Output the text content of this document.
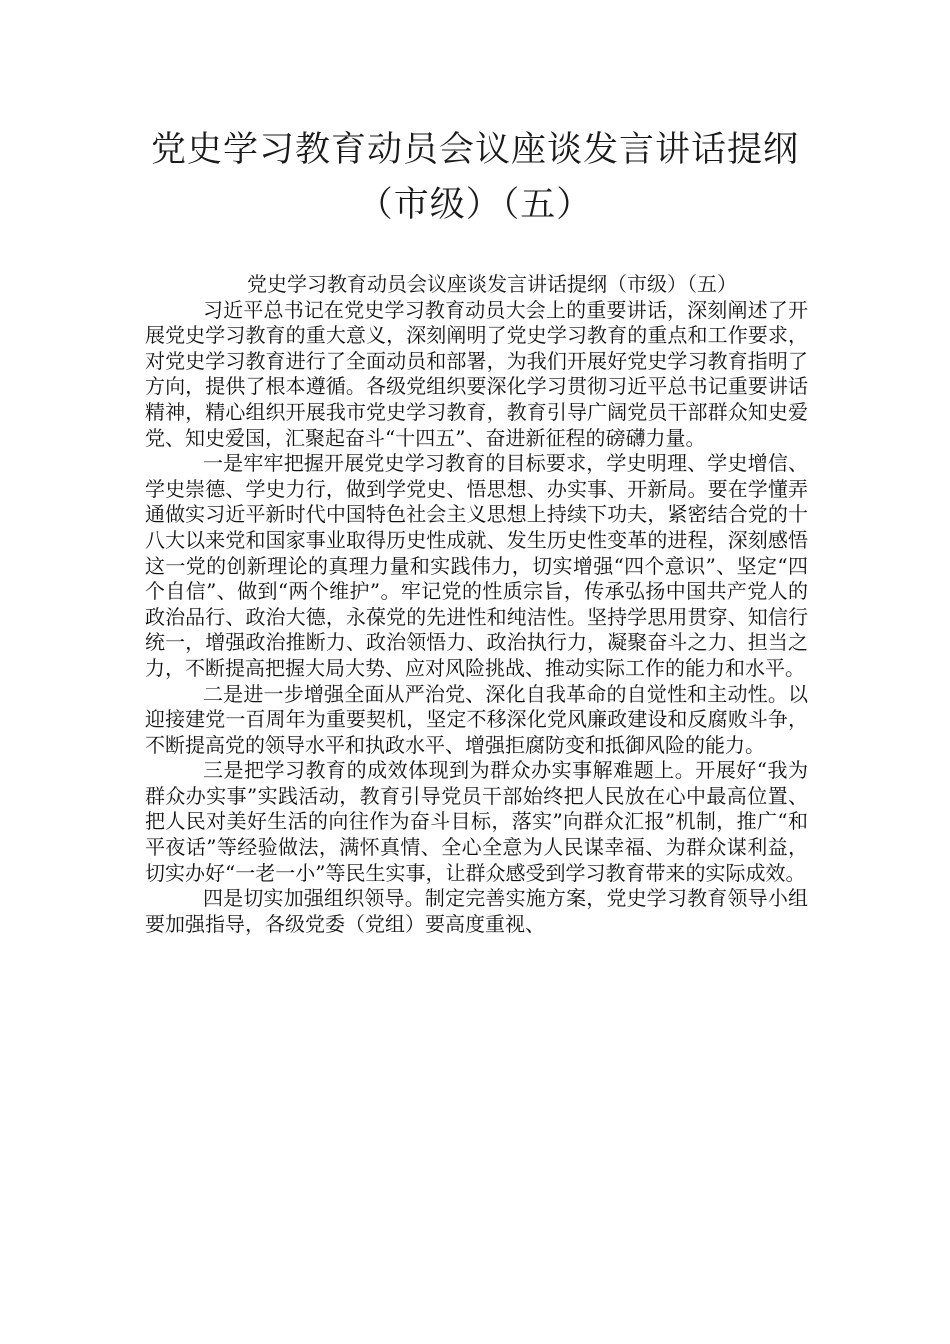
党史学习教育动员会议座谈发言讲话提纲
（市级）（五）

党史学习教育动员会议座谈发言讲话提纲（市级）（五）

习近平总书记在党史学习教育动员大会上的重要讲话，深刻阐述了开展党史学习教育的重大意义，深刻阐明了党史学习教育的重点和工作要求，对党史学习教育进行了全面动员和部署，为我们开展好党史学习教育指明了方向，提供了根本遵循。各级党组织要深化学习贯彻习近平总书记重要讲话精神，精心组织开展我市党史学习教育，教育引导广阔党员干部群众知史爱党、知史爱国，汇聚起奋斗“十四五”、奋进新征程的磅礴力量。

一是牢牢把握开展党史学习教育的目标要求，学史明理、学史增信、学史崇德、学史力行，做到学党史、悟思想、办实事、开新局。要在学懂弄通做实习近平新时代中国特色社会主义思想上持续下功夫，紧密结合党的十八大以来党和国家事业取得历史性成就、发生历史性变革的进程，深刻感悟这一党的创新理论的真理力量和实践伟力，切实增强“四个意识”、坚定“四个自信”、做到“两个维护”。牢记党的性质宗旨，传承弘扬中国共产党人的政治品行、政治大德，永葆党的先进性和纯洁性。坚持学思用贯穿、知信行统一，增强政治推断力、政治领悟力、政治执行力，凝聚奋斗之力、担当之力，不断提高把握大局大势、应对风险挑战、推动实际工作的能力和水平。

二是进一步增强全面从严治党、深化自我革命的自觉性和主动性。以迎接建党一百周年为重要契机，坚定不移深化党风廉政建设和反腐败斗争，不断提高党的领导水平和执政水平、增强拒腐防变和抵御风险的能力。

三是把学习教育的成效体现到为群众办实事解难题上。开展好“我为群众办实事”实践活动，教育引导党员干部始终把人民放在心中最高位置、把人民对美好生活的向往作为奋斗目标，落实”向群众汇报”机制，推广“和平夜话”等经验做法，满怀真情、全心全意为人民谋幸福、为群众谋利益，切实办好“一老一小”等民生实事，让群众感受到学习教育带来的实际成效。

四是切实加强组织领导。制定完善实施方案，党史学习教育领导小组要加强指导，各级党委（党组）要高度重视、
